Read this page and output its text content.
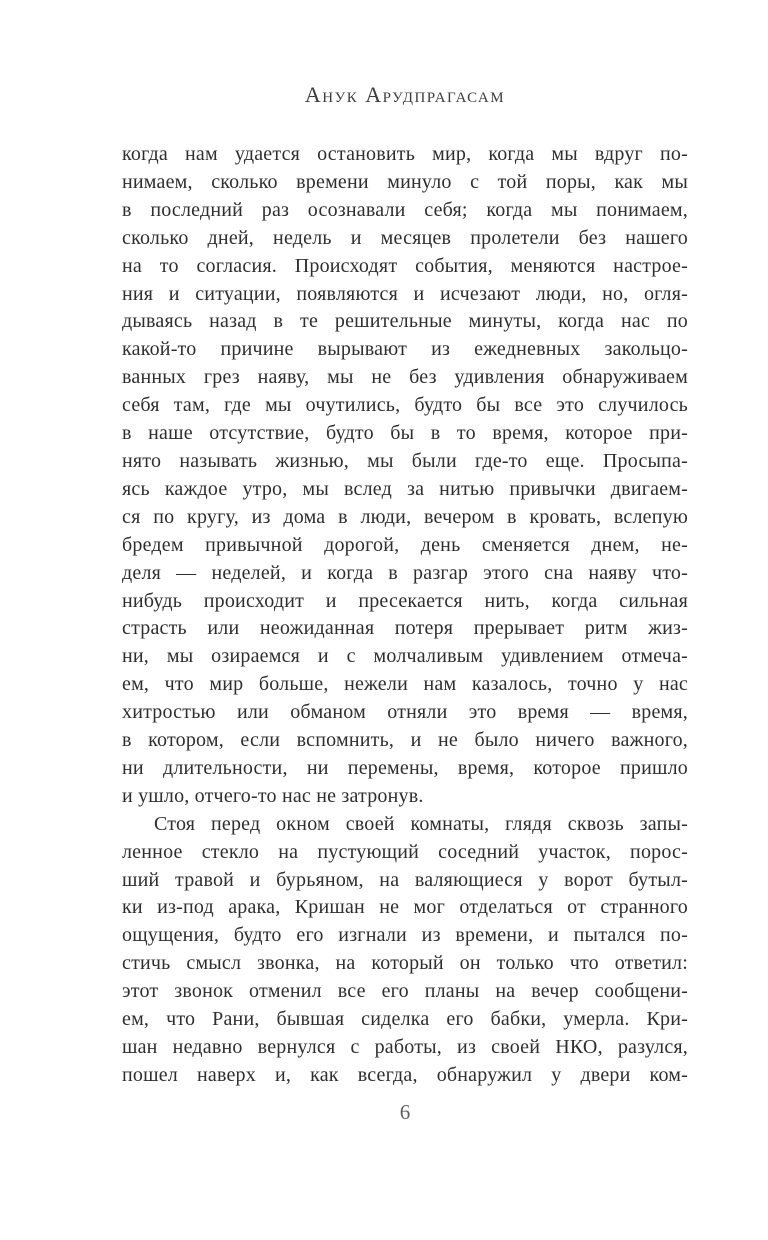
Анук Арудпрагасам
когда нам удается остановить мир, когда мы вдруг по-
нимаем, сколько времени минуло с той поры, как мы
в последний раз осознавали себя; когда мы понимаем,
сколько дней, недель и месяцев пролетели без нашего
на то согласия. Происходят события, меняются настрое-
ния и ситуации, появляются и исчезают люди, но, огля-
дываясь назад в те решительные минуты, когда нас по
какой-то причине вырывают из ежедневных закольцо-
ванных грез наяву, мы не без удивления обнаруживаем
себя там, где мы очутились, будто бы все это случилось
в наше отсутствие, будто бы в то время, которое при-
нято называть жизнью, мы были где-то еще. Просыпа-
ясь каждое утро, мы вслед за нитью привычки двигаем-
ся по кругу, из дома в люди, вечером в кровать, вслепую
бредем привычной дорогой, день сменяется днем, не-
деля — неделей, и когда в разгар этого сна наяву что-
нибудь происходит и пресекается нить, когда сильная
страсть или неожиданная потеря прерывает ритм жиз-
ни, мы озираемся и с молчаливым удивлением отмеча-
ем, что мир больше, нежели нам казалось, точно у нас
хитростью или обманом отняли это время — время,
в котором, если вспомнить, и не было ничего важного,
ни длительности, ни перемены, время, которое пришло
и ушло, отчего-то нас не затронув.
Стоя перед окном своей комнаты, глядя сквозь запы-
ленное стекло на пустующий соседний участок, порос-
ший травой и бурьяном, на валяющиеся у ворот бутыл-
ки из-под арака, Кришан не мог отделаться от странного
ощущения, будто его изгнали из времени, и пытался по-
стичь смысл звонка, на который он только что ответил:
этот звонок отменил все его планы на вечер сообщени-
ем, что Рани, бывшая сиделка его бабки, умерла. Кри-
шан недавно вернулся с работы, из своей НКО, разулся,
пошел наверх и, как всегда, обнаружил у двери ком-
6
